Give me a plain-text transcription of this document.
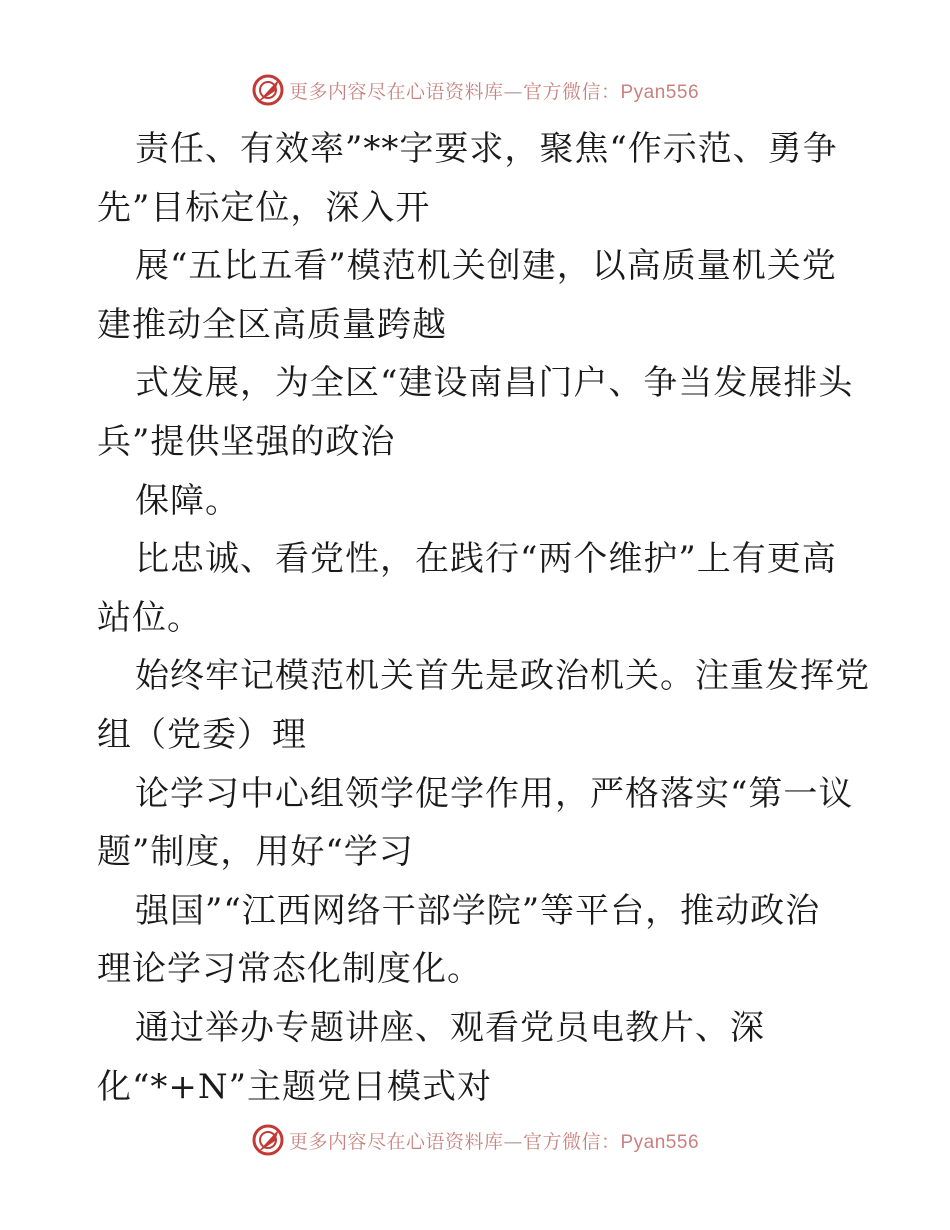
更多内容尽在心语资料库—官方微信：Pyan556
责任、有效率”**字要求，聚焦“作示范、勇争
先”目标定位，深入开
展“五比五看”模范机关创建，以高质量机关党
建推动全区高质量跨越
式发展，为全区“建设南昌门户、争当发展排头
兵”提供坚强的政治
保障。
比忠诚、看党性，在践行“两个维护”上有更高
站位。
始终牢记模范机关首先是政治机关。注重发挥党
组（党委）理
论学习中心组领学促学作用，严格落实“第一议
题”制度，用好“学习
强国”“江西网络干部学院”等平台，推动政治
理论学习常态化制度化。
通过举办专题讲座、观看党员电教片、深
化“*+N”主题党日模式对
更多内容尽在心语资料库—官方微信：Pyan556
